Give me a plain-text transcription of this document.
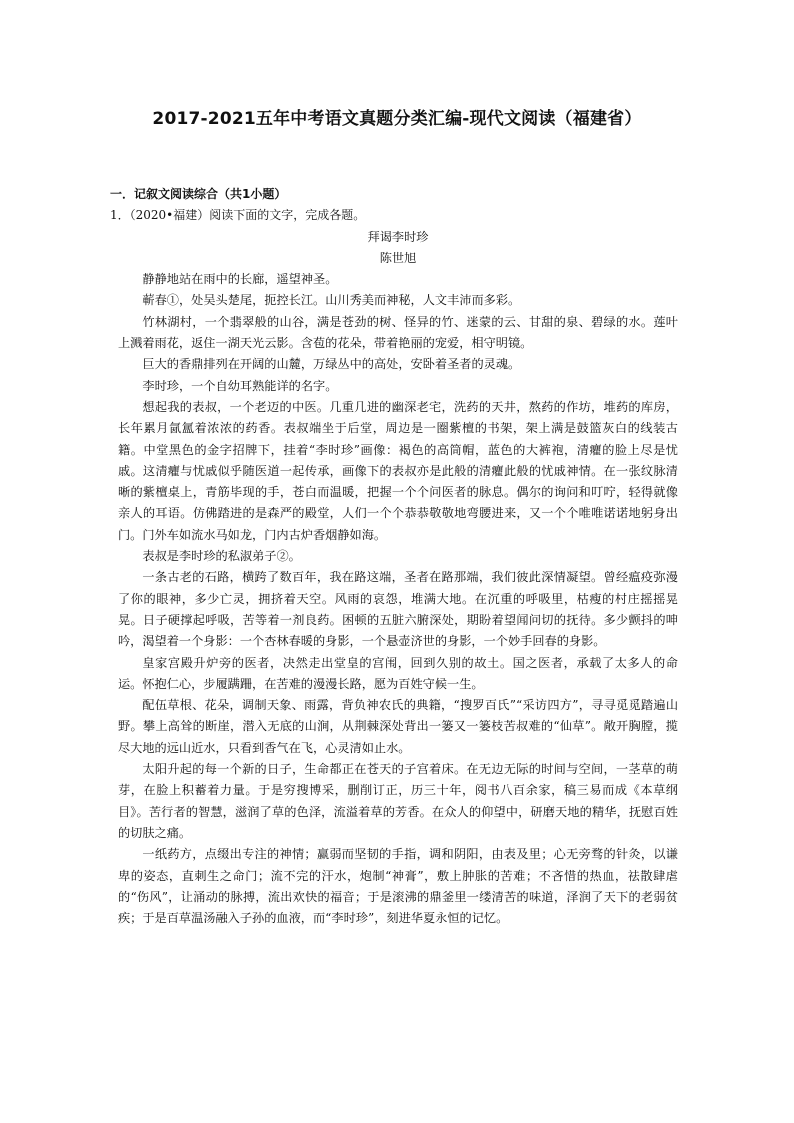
2017-2021五年中考语文真题分类汇编-现代文阅读（福建省）
一．记叙文阅读综合（共1小题）
1．（2020•福建）阅读下面的文字，完成各题。
拜谒李时珍
陈世旭

静静地站在雨中的长廊，遥望神圣。

蕲春①，处吴头楚尾，扼控长江。山川秀美而神秘，人文丰沛而多彩。

竹林湖村，一个翡翠般的山谷，满是苍劲的树、怪异的竹、迷蒙的云、甘甜的泉、碧绿的水。莲叶上溅着雨花，返住一湖天光云影。含苞的花朵，带着艳丽的宠爱，相守明镜。

巨大的香鼎排列在开阔的山麓，万绿丛中的高处，安卧着圣者的灵魂。

李时珍，一个自幼耳熟能详的名字。

想起我的表叔，一个老迈的中医。几重几进的幽深老宅，洗药的天井，熬药的作坊，堆药的库房，长年累月氤氲着浓浓的药香。表叔端坐于后堂，周边是一圈紫檀的书架，架上满是鼓篮灰白的线装古籍。中堂黑色的金字招牌下，挂着“李时珍”画像：褐色的高筒帽，蓝色的大裤袍，清癯的脸上尽是忧戚。这清癯与忧戚似乎随医道一起传承，画像下的表叔亦是此般的清癯此般的忧戚神情。在一张纹脉清晰的紫檀桌上，青筋毕现的手，苍白而温暖，把握一个个问医者的脉息。偶尔的询问和叮咛，轻得就像亲人的耳语。仿佛踏进的是森严的殿堂，人们一个个恭恭敬敬地弯腰进来，又一个个唯唯诺诺地躬身出门。门外车如流水马如龙，门内古炉香烟静如海。

表叔是李时珍的私淑弟子②。

一条古老的石路，横跨了数百年，我在路这端，圣者在路那端，我们彼此深情凝望。曾经瘟疫弥漫了你的眼神，多少亡灵，拥挤着天空。风雨的哀怨，堆满大地。在沉重的呼吸里，枯瘦的村庄摇摇晃晃。日子硬撑起呼吸，苦等着一剂良药。困顿的五脏六腑深处，期盼着望闻问切的抚待。多少颤抖的呻吟，渴望着一个身影：一个杏林春暖的身影，一个悬壶济世的身影，一个妙手回春的身影。

皇家宫殿升炉旁的医者，决然走出堂皇的宫闱，回到久别的故土。国之医者，承载了太多人的命运。怀抱仁心，步履蹒跚，在苦难的漫漫长路，愿为百姓守候一生。

配伍草根、花朵，调制天象、雨露，背负神农氏的典籍，“搜罗百氏”“采访四方”，寻寻觅觅踏遍山野。攀上高耸的断崖，潜入无底的山涧，从荆棘深处背出一篓又一篓枝苦叔难的“仙草”。敞开胸膛，揽尽大地的远山近水，只看到香气在飞，心灵清如止水。

太阳升起的每一个新的日子，生命都正在苍天的子宫着床。在无边无际的时间与空间，一茎草的萌芽，在脸上积蓄着力量。于是穷搜博采，删削订正，历三十年，阅书八百余家，稿三易而成《本草纲目》。苦行者的智慧，滋润了草的色泽，流溢着草的芳香。在众人的仰望中，研磨天地的精华，抚慰百姓的切肤之痛。

一纸药方，点缀出专注的神情；赢弱而坚韧的手指，调和阴阳，由表及里；心无旁骛的针灸，以谦卑的姿态，直刺生之命门；流不完的汗水，炮制“神膏”，敷上肿胀的苦难；不吝惜的热血，祛散肆虐的“伤风”，让涌动的脉搏，流出欢快的福音；于是滚沸的鼎釜里一缕清苦的味道，泽润了天下的老弱贫疾；于是百草温汤融入子孙的血液，而“李时珍”，刻进华夏永恒的记忆。
